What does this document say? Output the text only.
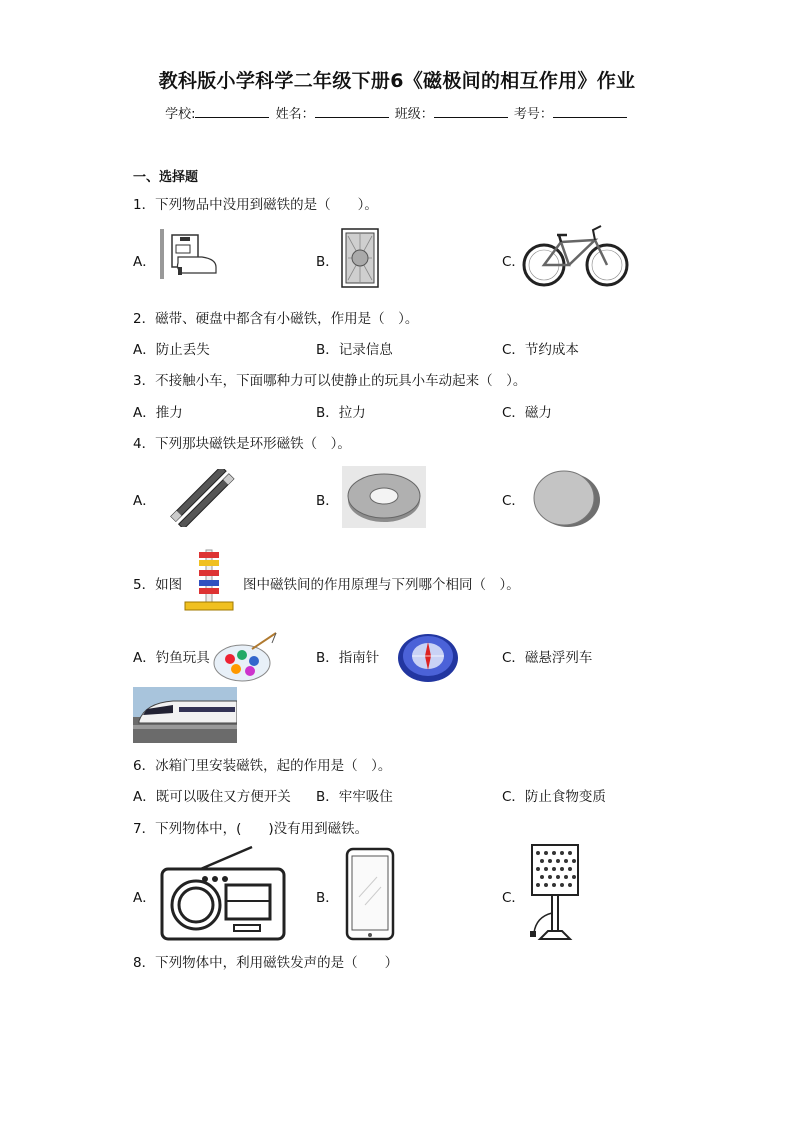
教科版小学科学二年级下册6《磁极间的相互作用》作业
学校:	姓名：	班级：	考号：
一、选择题
1．下列物品中没用到磁铁的是（　　）。
A．	B．	C．
2．磁带、硬盘中都含有小磁铁，作用是（　）。
A．防止丢失	B．记录信息	C．节约成本
3．不接触小车，下面哪种力可以使静止的玩具小车动起来（　）。
A．推力	B．拉力	C．磁力
4．下列那块磁铁是环形磁铁（　）。
A．	B．	C．
5．如图	图中磁铁间的作用原理与下列哪个相同（　）。
A．钓鱼玩具	B．指南针	C．磁悬浮列车
6．冰箱门里安装磁铁，起的作用是（　）。
A．既可以吸住又方便开关 B．牢牢吸住	C．防止食物变质
7．下列物体中，(　　)没有用到磁铁。
A．	B．	C．
8．下列物体中，利用磁铁发声的是（　　）
